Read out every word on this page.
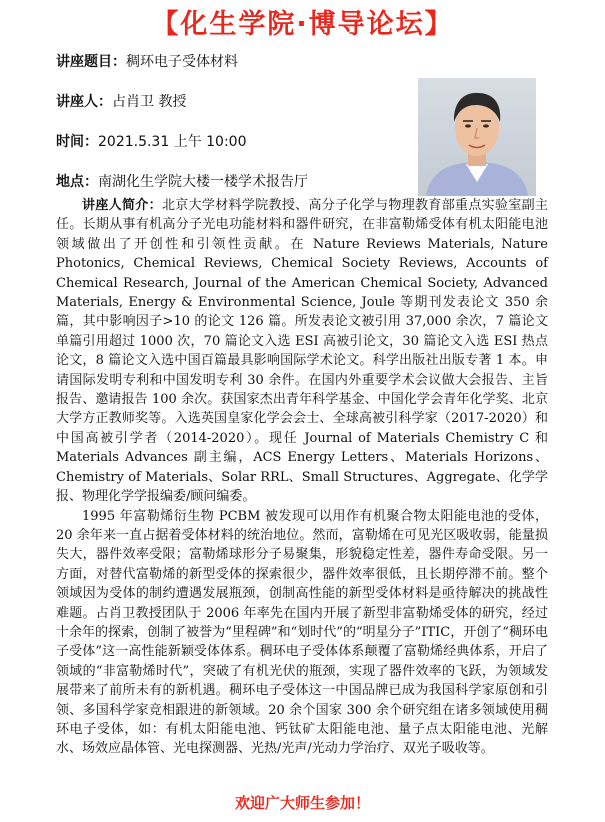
【化生学院·博导论坛】
讲座题目：稠环电子受体材料
讲座人：占肖卫 教授
时间：2021.5.31 上午 10:00
地点：南湖化生学院大楼一楼学术报告厅

讲座人简介：北京大学材料学院教授、高分子化学与物理教育部重点实验室副主任。长期从事有机高分子光电功能材料和器件研究，在非富勒烯受体有机太阳能电池领域做出了开创性和引领性贡献。在 Nature Reviews Materials, Nature Photonics, Chemical Reviews, Chemical Society Reviews, Accounts of Chemical Research, Journal of the American Chemical Society, Advanced Materials, Energy & Environmental Science, Joule 等期刊发表论文 350 余篇，其中影响因子>10 的论文 126 篇。所发表论文被引用 37,000 余次，7 篇论文单篇引用超过 1000 次，70 篇论文入选 ESI 高被引论文，30 篇论文入选 ESI 热点论文，8 篇论文入选中国百篇最具影响国际学术论文。科学出版社出版专著 1 本。申请国际发明专利和中国发明专利 30 余件。在国内外重要学术会议做大会报告、主旨报告、邀请报告 100 余次。获国家杰出青年科学基金、中国化学会青年化学奖、北京大学方正教师奖等。入选英国皇家化学会会士、全球高被引科学家（2017-2020）和中国高被引学者（2014-2020）。现任 Journal of Materials Chemistry C 和 Materials Advances 副主编，ACS Energy Letters、Materials Horizons、Chemistry of Materials、Solar RRL、Small Structures、Aggregate、化学学报、物理化学学报编委/顾问编委。

1995 年富勒烯衍生物 PCBM 被发现可以用作有机聚合物太阳能电池的受体，20 余年来一直占据着受体材料的统治地位。然而，富勒烯在可见光区吸收弱，能量损失大，器件效率受限；富勒烯球形分子易聚集，形貌稳定性差，器件寿命受限。另一方面，对替代富勒烯的新型受体的探索很少，器件效率很低，且长期停滞不前。整个领域因为受体的制约遭遇发展瓶颈，创制高性能的新型受体材料是亟待解决的挑战性难题。占肖卫教授团队于 2006 年率先在国内开展了新型非富勒烯受体的研究，经过十余年的探索，创制了被誉为“里程碑”和“划时代”的“明星分子”ITIC，开创了“稠环电子受体”这一高性能新颖受体体系。稠环电子受体体系颠覆了富勒烯经典体系，开启了领域的“非富勒烯时代”，突破了有机光伏的瓶颈，实现了器件效率的飞跃，为领域发展带来了前所未有的新机遇。稠环电子受体这一中国品牌已成为我国科学家原创和引领、多国科学家竞相跟进的新领域。20 余个国家 300 余个研究组在诸多领域使用稠环电子受体，如：有机太阳能电池、钙钛矿太阳能电池、量子点太阳能电池、光解水、场效应晶体管、光电探测器、光热/光声/光动力学治疗、双光子吸收等。

欢迎广大师生参加！
